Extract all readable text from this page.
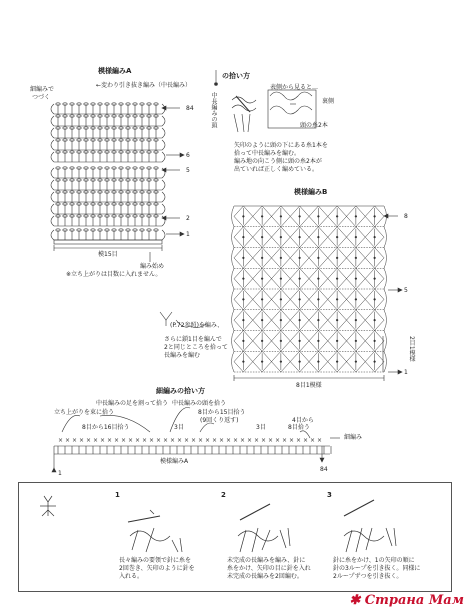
× × × × × × × × × × × × × × × × × × × × × × × × × × × × × × × × × × × × × ×
模様編みA
←変わり引き抜き編み（中長編み）
細編みで
つづく
84
6
5
2
1
模15目
編み始め
※立ち上がりは目数に入れません。
の拾い方
中長編みの頭
表側から見ると…
裏側
頭の糸2本
矢印のように頭の下にある糸1本を
拾って中長編みを編む。
編み地の向こう側に頭の糸2本が
出ていれば正しく編めている。
模様編みB
8
5
1
2目1模様
8目1模様
(P.72参照)を編み、
さらに鎖1目を編んで
2と同じところを拾って
長編みを編む
細編みの拾い方
中長編みの足を割って拾う 中長編みの頭を拾う
立ち上がりを束に拾う	8目から15目拾う
(9回くり返す)
8目から16目拾う	3目	3目
4目から
8目拾う
細編み
模様編みA
84
1
1	2	3
長々編みの要領で針に糸を
2回巻き、矢印のように針を
入れる。
未完成の長編みを編み、針に
糸をかけ、矢印の目に針を入れ
未完成の長編みを2回編む。
針に糸をかけ、1の矢印の順に
針の3ループを引き抜く。同様に
2ループずつを引き抜く。
✱ Страна Мам
